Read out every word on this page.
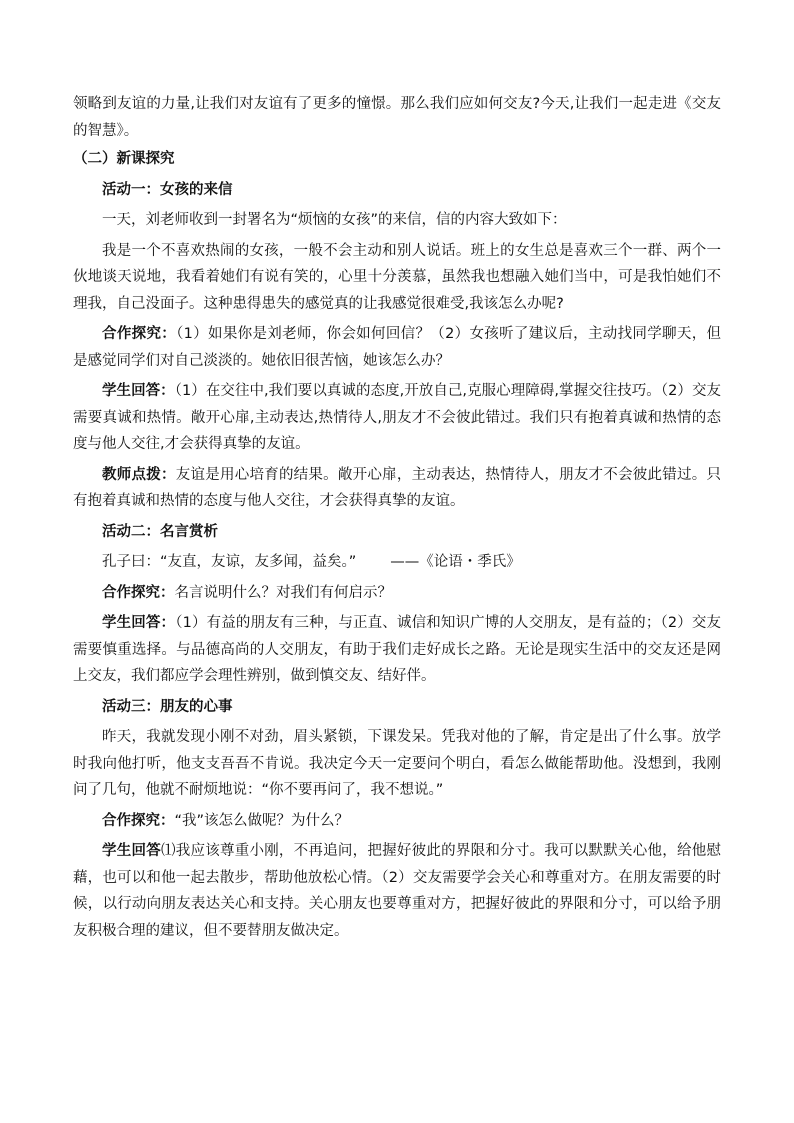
领略到友谊的力量,让我们对友谊有了更多的憧憬。那么我们应如何交友?今天,让我们一起走进《交友的智慧》。

（二）新课探究

活动一：女孩的来信

一天，刘老师收到一封署名为“烦恼的女孩”的来信，信的内容大致如下：

我是一个不喜欢热闹的女孩，一般不会主动和别人说话。班上的女生总是喜欢三个一群、两个一伙地谈天说地，我看着她们有说有笑的，心里十分羡慕，虽然我也想融入她们当中，可是我怕她们不理我，自己没面子。这种患得患失的感觉真的让我感觉很难受,我该怎么办呢?

合作探究：（1）如果你是刘老师，你会如何回信？（2）女孩听了建议后，主动找同学聊天，但是感觉同学们对自己淡淡的。她依旧很苦恼，她该怎么办？

学生回答：（1）在交往中,我们要以真诚的态度,开放自己,克服心理障碍,掌握交往技巧。（2）交友需要真诚和热情。敞开心扉,主动表达,热情待人,朋友才不会彼此错过。我们只有抱着真诚和热情的态度与他人交往,才会获得真挚的友谊。

教师点拨：友谊是用心培育的结果。敞开心扉，主动表达，热情待人，朋友才不会彼此错过。只有抱着真诚和热情的态度与他人交往，才会获得真挚的友谊。

活动二：名言赏析

孔子曰：“友直，友谅，友多闻，益矣。” ——《论语・季氏》

合作探究：名言说明什么？对我们有何启示？

学生回答：（1）有益的朋友有三种，与正直、诚信和知识广博的人交朋友，是有益的；（2）交友需要慎重选择。与品德高尚的人交朋友，有助于我们走好成长之路。无论是现实生活中的交友还是网上交友，我们都应学会理性辨别，做到慎交友、结好伴。

活动三：朋友的心事

昨天，我就发现小刚不对劲，眉头紧锁，下课发呆。凭我对他的了解，肯定是出了什么事。放学时我向他打听，他支支吾吾不肯说。我决定今天一定要问个明白，看怎么做能帮助他。没想到，我刚问了几句，他就不耐烦地说：“你不要再问了，我不想说。”

合作探究：“我”该怎么做呢？为什么？

学生回答⑴我应该尊重小刚，不再追问，把握好彼此的界限和分寸。我可以默默关心他，给他慰藉，也可以和他一起去散步，帮助他放松心情。（2）交友需要学会关心和尊重对方。在朋友需要的时候，以行动向朋友表达关心和支持。关心朋友也要尊重对方，把握好彼此的界限和分寸，可以给予朋友积极合理的建议，但不要替朋友做决定。
